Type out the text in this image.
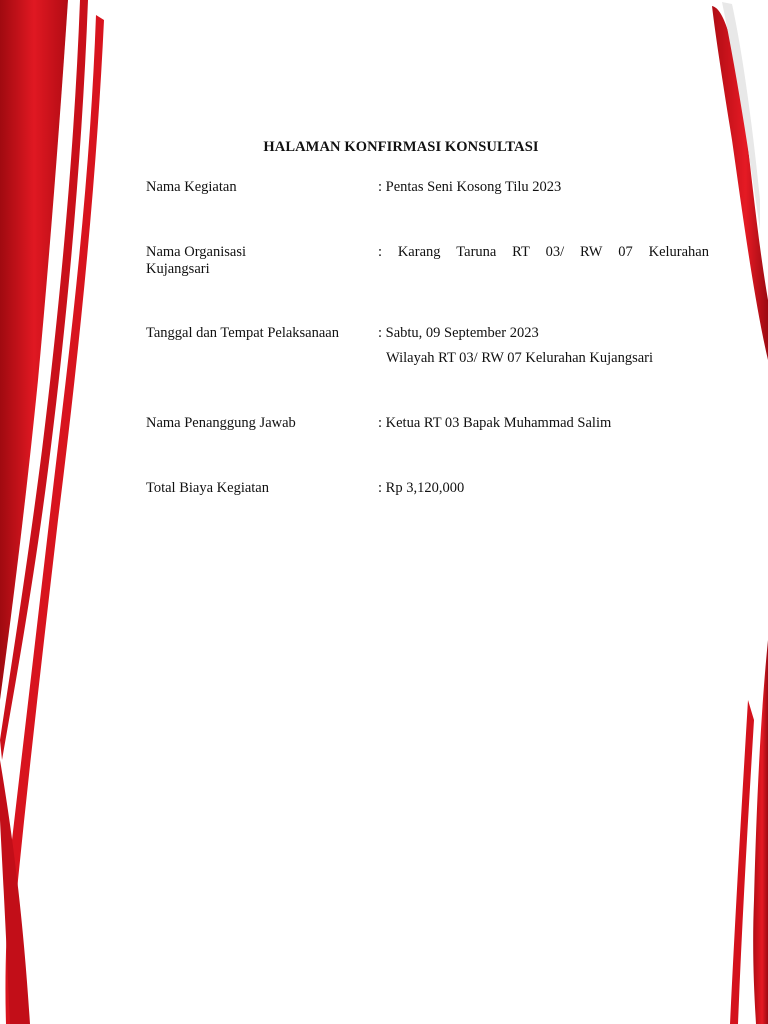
HALAMAN KONFIRMASI KONSULTASI
Nama Kegiatan	: Pentas Seni Kosong Tilu 2023
Nama Organisasi	: Karang Taruna RT 03/ RW 07 Kelurahan
Kujangsari
Tanggal dan Tempat Pelaksanaan	: Sabtu, 09 September 2023
Wilayah RT 03/ RW 07 Kelurahan Kujangsari
Nama Penanggung Jawab	: Ketua RT 03 Bapak Muhammad Salim
Total Biaya Kegiatan	: Rp 3,120,000
